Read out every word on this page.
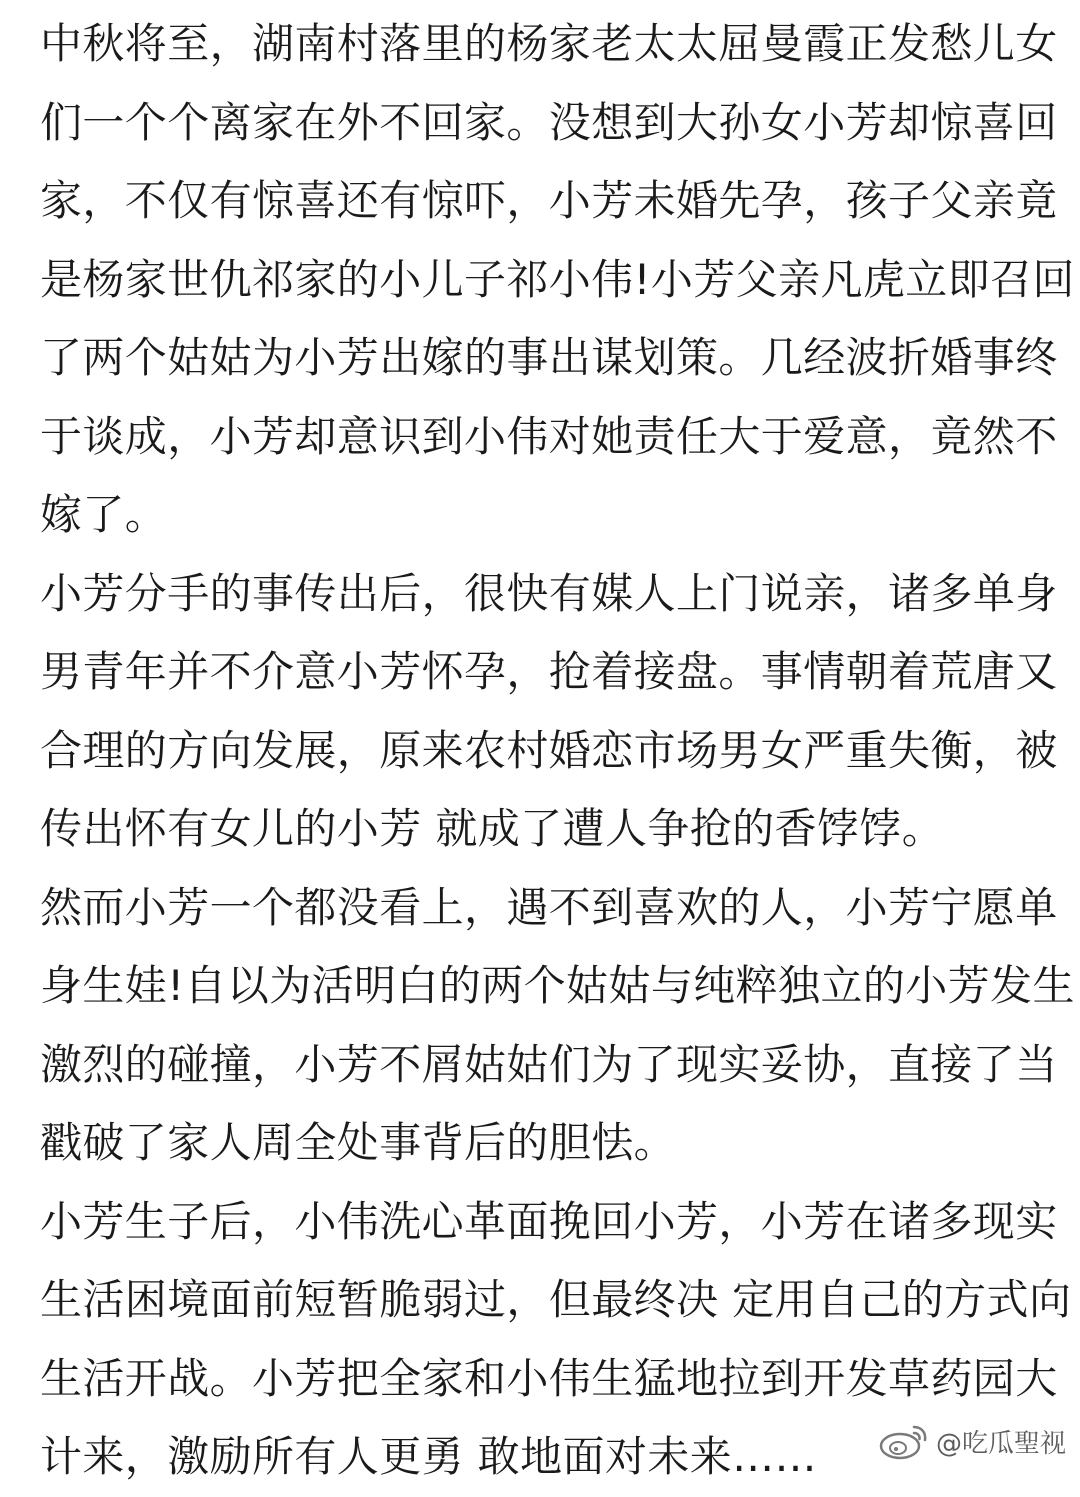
中秋将至，湖南村落里的杨家老太太屈曼霞正发愁儿女
们一个个离家在外不回家。没想到大孙女小芳却惊喜回
家，不仅有惊喜还有惊吓，小芳未婚先孕，孩子父亲竟
是杨家世仇祁家的小儿子祁小伟!小芳父亲凡虎立即召回
了两个姑姑为小芳出嫁的事出谋划策。几经波折婚事终
于谈成，小芳却意识到小伟对她责任大于爱意，竟然不
嫁了。
小芳分手的事传出后，很快有媒人上门说亲，诸多单身
男青年并不介意小芳怀孕，抢着接盘。事情朝着荒唐又
合理的方向发展，原来农村婚恋市场男女严重失衡，被
传出怀有女儿的小芳 就成了遭人争抢的香饽饽。
然而小芳一个都没看上，遇不到喜欢的人，小芳宁愿单
身生娃!自以为活明白的两个姑姑与纯粹独立的小芳发生
激烈的碰撞，小芳不屑姑姑们为了现实妥协，直接了当
戳破了家人周全处事背后的胆怯。
小芳生子后，小伟洗心革面挽回小芳，小芳在诸多现实
生活困境面前短暂脆弱过，但最终决 定用自己的方式向
生活开战。小芳把全家和小伟生猛地拉到开发草药园大
计来，激励所有人更勇 敢地面对未来……	@吃瓜聖视
